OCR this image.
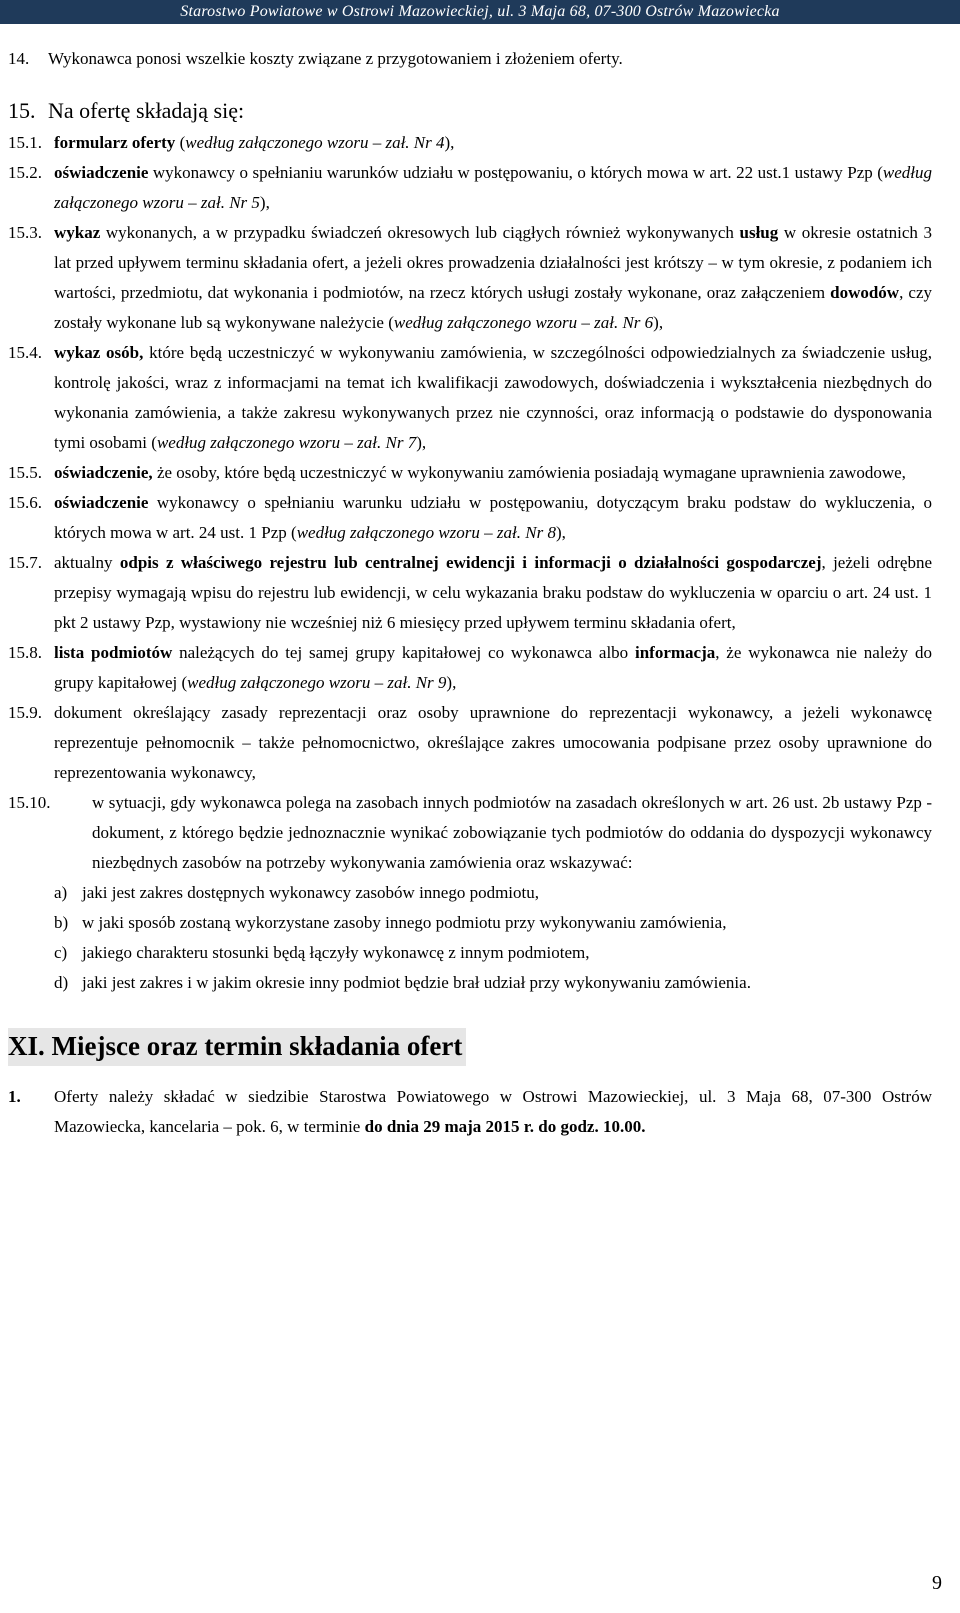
Starostwo Powiatowe w Ostrowi Mazowieckiej, ul. 3 Maja 68, 07-300 Ostrów Mazowiecka
14.	Wykonawca ponosi wszelkie koszty związane z przygotowaniem i złożeniem oferty.
15. Na ofertę składają się:
15.1. formularz oferty (według załączonego wzoru – zał. Nr 4),
15.2. oświadczenie wykonawcy o spełnianiu warunków udziału w postępowaniu, o których mowa w art. 22 ust.1 ustawy Pzp (według załączonego wzoru – zał. Nr 5),
15.3. wykaz wykonanych, a w przypadku świadczeń okresowych lub ciągłych również wykonywanych usług w okresie ostatnich 3 lat przed upływem terminu składania ofert, a jeżeli okres prowadzenia działalności jest krótszy – w tym okresie, z podaniem ich wartości, przedmiotu, dat wykonania i podmiotów, na rzecz których usługi zostały wykonane, oraz załączeniem dowodów, czy zostały wykonane lub są wykonywane należycie (według załączonego wzoru – zał. Nr 6),
15.4. wykaz osób, które będą uczestniczyć w wykonywaniu zamówienia, w szczególności odpowiedzialnych za świadczenie usług, kontrolę jakości, wraz z informacjami na temat ich kwalifikacji zawodowych, doświadczenia i wykształcenia niezbędnych do wykonania zamówienia, a także zakresu wykonywanych przez nie czynności, oraz informacją o podstawie do dysponowania tymi osobami (według załączonego wzoru – zał. Nr 7),
15.5. oświadczenie, że osoby, które będą uczestniczyć w wykonywaniu zamówienia posiadają wymagane uprawnienia zawodowe,
15.6. oświadczenie wykonawcy o spełnianiu warunku udziału w postępowaniu, dotyczącym braku podstaw do wykluczenia, o których mowa w art. 24 ust. 1 Pzp (według załączonego wzoru – zał. Nr 8),
15.7. aktualny odpis z właściwego rejestru lub centralnej ewidencji i informacji o działalności gospodarczej, jeżeli odrębne przepisy wymagają wpisu do rejestru lub ewidencji, w celu wykazania braku podstaw do wykluczenia w oparciu o art. 24 ust. 1 pkt 2 ustawy Pzp, wystawiony nie wcześniej niż 6 miesięcy przed upływem terminu składania ofert,
15.8. lista podmiotów należących do tej samej grupy kapitałowej co wykonawca albo informacja, że wykonawca nie należy do grupy kapitałowej (według załączonego wzoru – zał. Nr 9),
15.9. dokument określający zasady reprezentacji oraz osoby uprawnione do reprezentacji wykonawcy, a jeżeli wykonawcę reprezentuje pełnomocnik – także pełnomocnictwo, określające zakres umocowania podpisane przez osoby uprawnione do reprezentowania wykonawcy,
15.10.	w sytuacji, gdy wykonawca polega na zasobach innych podmiotów na zasadach określonych w art. 26 ust. 2b ustawy Pzp - dokument, z którego będzie jednoznacznie wynikać zobowiązanie tych podmiotów do oddania do dyspozycji wykonawcy niezbędnych zasobów na potrzeby wykonywania zamówienia oraz wskazywać:
a) jaki jest zakres dostępnych wykonawcy zasobów innego podmiotu,
b) w jaki sposób zostaną wykorzystane zasoby innego podmiotu przy wykonywaniu zamówienia,
c) jakiego charakteru stosunki będą łączyły wykonawcę z innym podmiotem,
d) jaki jest zakres i w jakim okresie inny podmiot będzie brał udział przy wykonywaniu zamówienia.
XI. Miejsce oraz termin składania ofert
1.	Oferty należy składać w siedzibie Starostwa Powiatowego w Ostrowi Mazowieckiej, ul. 3 Maja 68, 07-300 Ostrów Mazowiecka, kancelaria – pok. 6, w terminie do dnia 29 maja 2015 r. do godz. 10.00.
9
